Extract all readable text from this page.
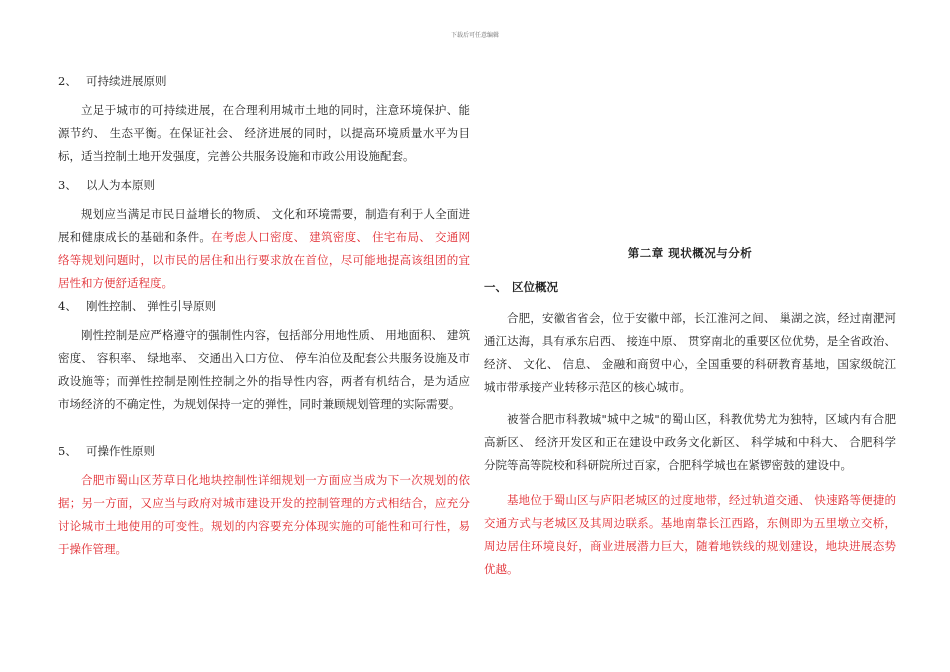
下载后可任意编辑
2、 可持续进展原则

立足于城市的可持续进展，在合理利用城市土地的同时，注意环境保护、能源节约、 生态平衡。在保证社会、 经济进展的同时，以提高环境质量水平为目标，适当控制土地开发强度，完善公共服务设施和市政公用设施配套。

3、 以人为本原则

规划应当满足市民日益增长的物质、 文化和环境需要，制造有利于人全面进展和健康成长的基础和条件。在考虑人口密度、 建筑密度、 住宅布局、 交通网络等规划问题时，以市民的居住和出行要求放在首位，尽可能地提高该组团的宜居性和方便舒适程度。

4、 刚性控制、 弹性引导原则

刚性控制是应严格遵守的强制性内容，包括部分用地性质、 用地面积、 建筑密度、 容积率、 绿地率、 交通出入口方位、 停车泊位及配套公共服务设施及市政设施等；而弹性控制是刚性控制之外的指导性内容，两者有机结合，是为适应市场经济的不确定性，为规划保持一定的弹性，同时兼顾规划管理的实际需要。

5、 可操作性原则

合肥市蜀山区芳草日化地块控制性详细规划一方面应当成为下一次规划的依据；另一方面，又应当与政府对城市建设开发的控制管理的方式相结合，应充分讨论城市土地使用的可变性。规划的内容要充分体现实施的可能性和可行性，易于操作管理。

第二章 现状概况与分析
一、 区位概况

合肥，安徽省省会，位于安徽中部，长江淮河之间、 巢湖之滨，经过南淝河通江达海，具有承东启西、 接连中原、 贯穿南北的重要区位优势，是全省政治、 经济、 文化、 信息、 金融和商贸中心，全国重要的科研教育基地，国家级皖江城市带承接产业转移示范区的核心城市。

被誉合肥市科教城"城中之城"的蜀山区，科教优势尤为独特，区域内有合肥高新区、 经济开发区和正在建设中政务文化新区、 科学城和中科大、 合肥科学分院等高等院校和科研院所过百家，合肥科学城也在紧锣密鼓的建设中。

基地位于蜀山区与庐阳老城区的过度地带，经过轨道交通、 快速路等便捷的交通方式与老城区及其周边联系。基地南靠长江西路，东侧即为五里墩立交桥，周边居住环境良好，商业进展潜力巨大，随着地铁线的规划建设，地块进展态势优越。
